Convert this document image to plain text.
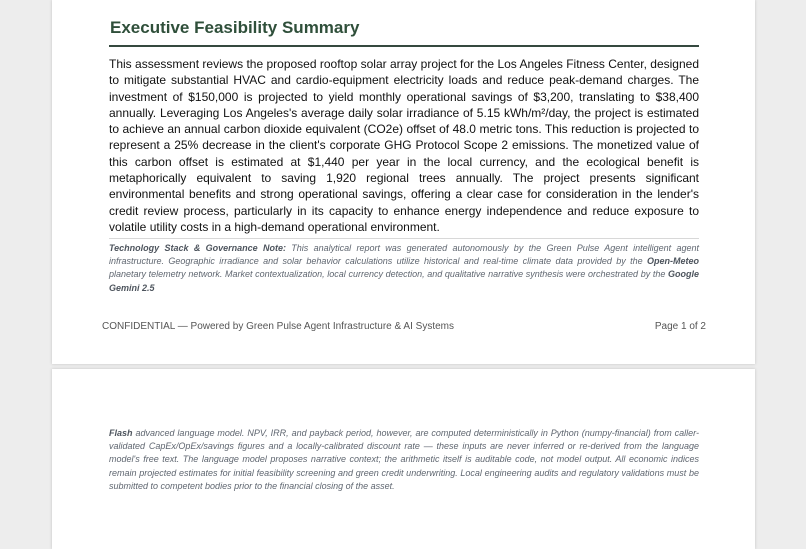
Executive Feasibility Summary

This assessment reviews the proposed rooftop solar array project for the Los Angeles Fitness Center, designed to mitigate substantial HVAC and cardio-equipment electricity loads and reduce peak-demand charges. The investment of $150,000 is projected to yield monthly operational savings of $3,200, translating to $38,400 annually. Leveraging Los Angeles's average daily solar irradiance of 5.15 kWh/m²/day, the project is estimated to achieve an annual carbon dioxide equivalent (CO2e) offset of 48.0 metric tons. This reduction is projected to represent a 25% decrease in the client's corporate GHG Protocol Scope 2 emissions. The monetized value of this carbon offset is estimated at $1,440 per year in the local currency, and the ecological benefit is metaphorically equivalent to saving 1,920 regional trees annually. The project presents significant environmental benefits and strong operational savings, offering a clear case for consideration in the lender's credit review process, particularly in its capacity to enhance energy independence and reduce exposure to volatile utility costs in a high-demand operational environment.

Technology Stack & Governance Note: This analytical report was generated autonomously by the Green Pulse Agent intelligent agent infrastructure. Geographic irradiance and solar behavior calculations utilize historical and real-time climate data provided by the Open-Meteo planetary telemetry network. Market contextualization, local currency detection, and qualitative narrative synthesis were orchestrated by the Google Gemini 2.5

CONFIDENTIAL — Powered by Green Pulse Agent Infrastructure & AI Systems	Page 1 of 2

Flash advanced language model. NPV, IRR, and payback period, however, are computed deterministically in Python (numpy-financial) from caller-validated CapEx/OpEx/savings figures and a locally-calibrated discount rate — these inputs are never inferred or re-derived from the language model's free text. The language model proposes narrative context; the arithmetic itself is auditable code, not model output. All economic indices remain projected estimates for initial feasibility screening and green credit underwriting. Local engineering audits and regulatory validations must be submitted to competent bodies prior to the financial closing of the asset.
